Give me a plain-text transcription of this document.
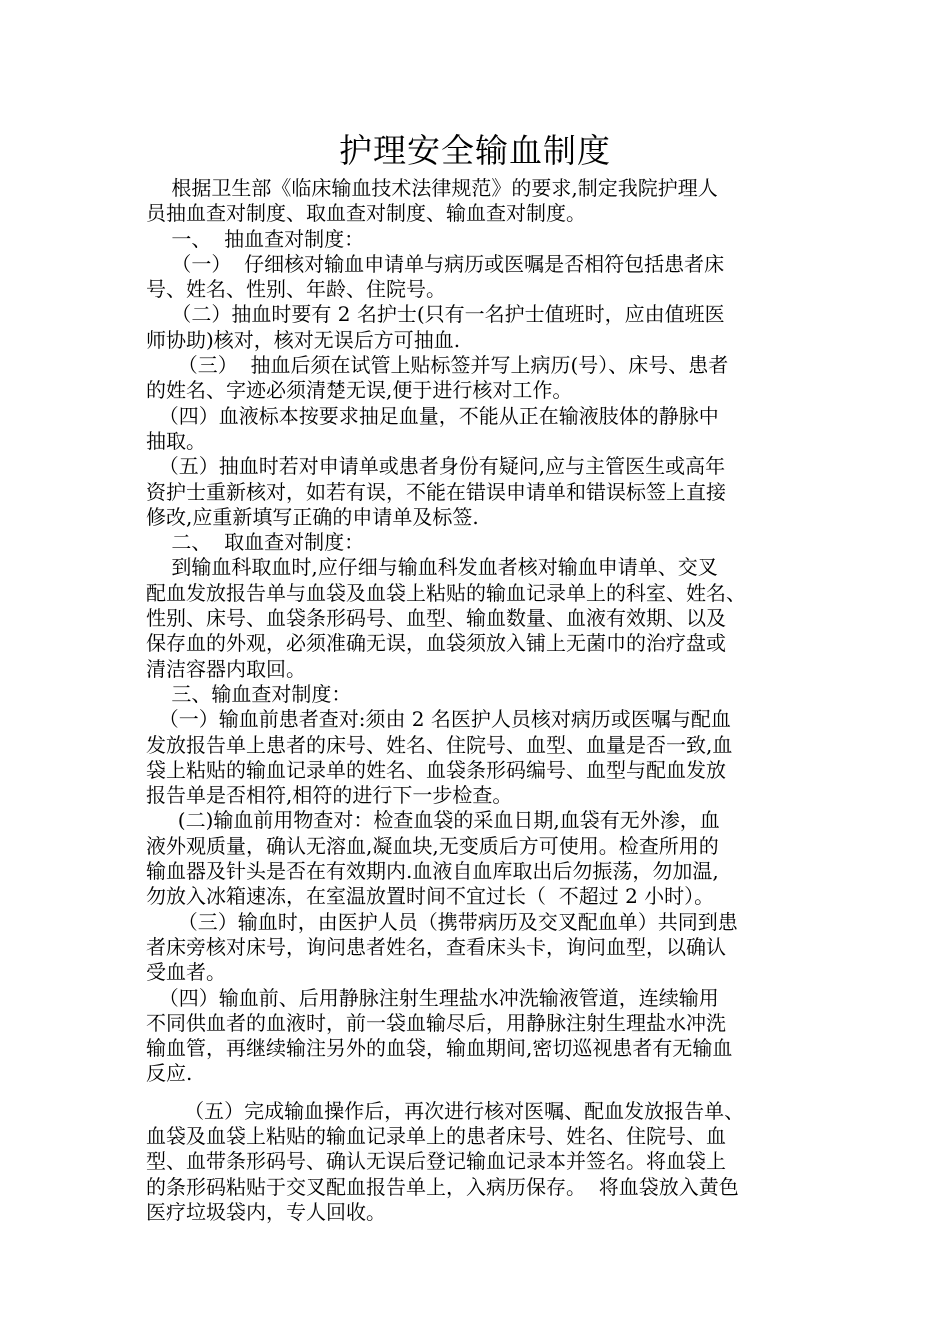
护理安全输血制度
根据卫生部《临床输血技术法律规范》的要求,制定我院护理人
员抽血查对制度、取血查对制度、输血查对制度。
一、  抽血查对制度：
（一）  仔细核对输血申请单与病历或医嘱是否相符包括患者床
号、姓名、性别、年龄、住院号。
（二）抽血时要有 2 名护士(只有一名护士值班时，应由值班医
师协助)核对，核对无误后方可抽血.
（三）  抽血后须在试管上贴标签并写上病历(号）、床号、患者
的姓名、字迹必须清楚无误,便于进行核对工作。
（四）血液标本按要求抽足血量，不能从正在输液肢体的静脉中
抽取。
（五）抽血时若对申请单或患者身份有疑问,应与主管医生或高年
资护士重新核对，如若有误，不能在错误申请单和错误标签上直接
修改,应重新填写正确的申请单及标签.
二、  取血查对制度：
到输血科取血时,应仔细与输血科发血者核对输血申请单、交叉
配血发放报告单与血袋及血袋上粘贴的输血记录单上的科室、姓名、
性别、床号、血袋条形码号、血型、输血数量、血液有效期、以及
保存血的外观，必须准确无误，血袋须放入铺上无菌巾的治疗盘或
清洁容器内取回。
三、输血查对制度：
（一）输血前患者查对:须由 2 名医护人员核对病历或医嘱与配血
发放报告单上患者的床号、姓名、住院号、血型、血量是否一致,血
袋上粘贴的输血记录单的姓名、血袋条形码编号、血型与配血发放
报告单是否相符,相符的进行下一步检查。
(二)输血前用物查对：检查血袋的采血日期,血袋有无外渗，血
液外观质量，确认无溶血,凝血块,无变质后方可使用。检查所用的
输血器及针头是否在有效期内.血液自血库取出后勿振荡，勿加温,
勿放入冰箱速冻，在室温放置时间不宜过长（  不超过 2 小时）。
（三）输血时，由医护人员（携带病历及交叉配血单）共同到患
者床旁核对床号，询问患者姓名，查看床头卡，询问血型，以确认
受血者。
（四）输血前、后用静脉注射生理盐水冲洗输液管道，连续输用
不同供血者的血液时，前一袋血输尽后，用静脉注射生理盐水冲洗
输血管，再继续输注另外的血袋，输血期间,密切巡视患者有无输血
反应.
（五）完成输血操作后，再次进行核对医嘱、配血发放报告单、
血袋及血袋上粘贴的输血记录单上的患者床号、姓名、住院号、血
型、血带条形码号、确认无误后登记输血记录本并签名。将血袋上
的条形码粘贴于交叉配血报告单上，入病历保存。  将血袋放入黄色
医疗垃圾袋内，专人回收。
